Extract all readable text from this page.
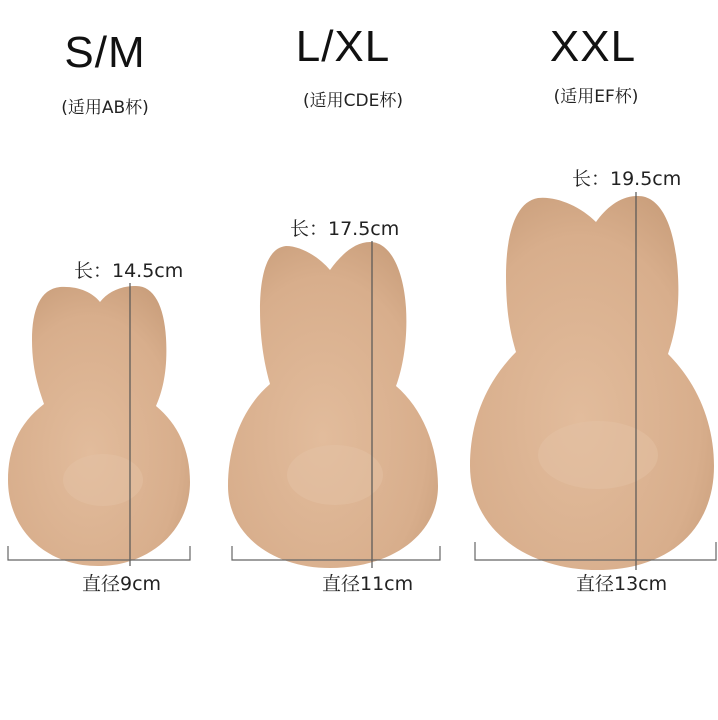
S/M
(适用AB杯)
L/XL
(适用CDE杯)
XXL
(适用EF杯)
长：14.5cm
长：17.5cm
长：19.5cm
直径9cm	直径11cm	直径13cm
